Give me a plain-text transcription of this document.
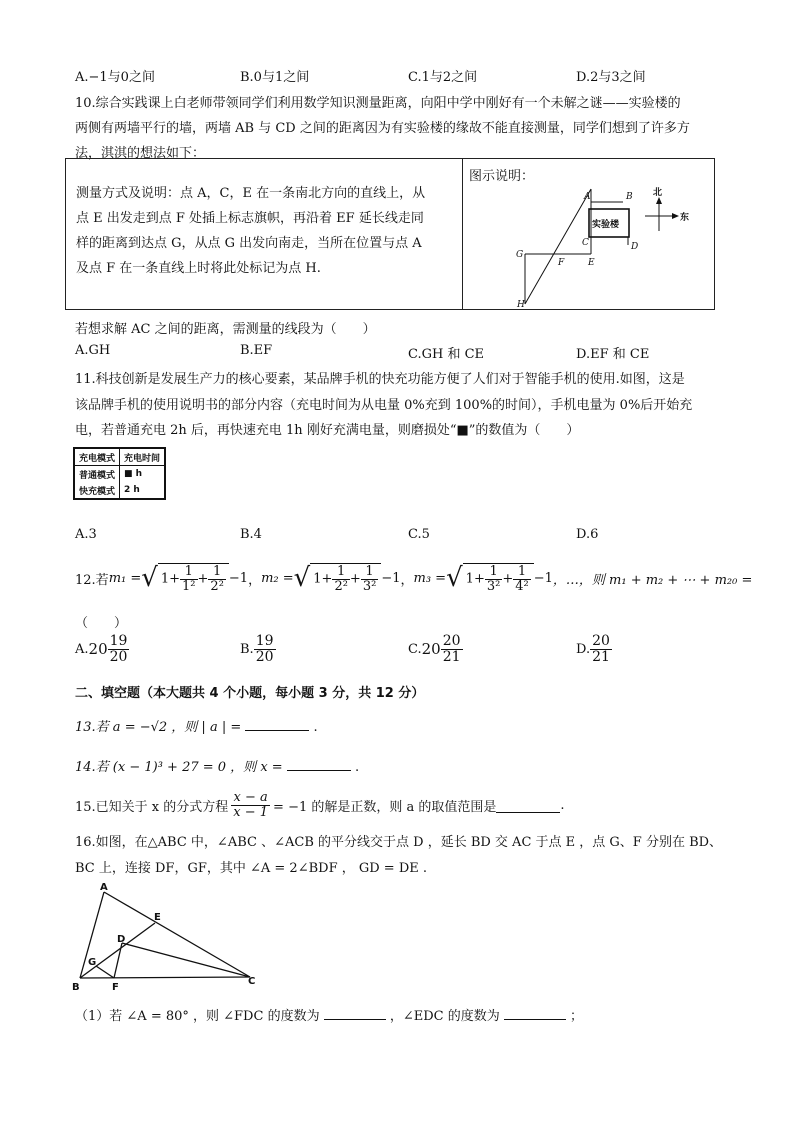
A.−1与0之间	B.0与1之间	C.1与2之间	D.2与3之间
10.综合实践课上白老师带领同学们利用数学知识测量距离，向阳中学中刚好有一个未解之谜——实验楼的
两侧有两墙平行的墙，两墙 AB 与 CD 之间的距离因为有实验楼的缘故不能直接测量，同学们想到了许多方
法，淇淇的想法如下：
测量方式及说明：点 A，C，E 在一条南北方向的直线上，从
点 E 出发走到点 F 处插上标志旗帜，再沿着 EF 延长线走同
样的距离到达点 G，从点 G 出发向南走，当所在位置与点 A
及点 F 在一条直线上时将此处标记为点 H.

图示说明：
实验楼
北
东
A	B
C	D
E
F
G
H
若想求解 AC 之间的距离，需测量的线段为（　　）
A.GH	B.EF	C.GH 和 CE	D.EF 和 CE
11.科技创新是发展生产力的核心要素，某品牌手机的快充功能方便了人们对于智能手机的使用.如图，这是
该品牌手机的使用说明书的部分内容（充电时间为从电量 0%充到 100%的时间），手机电量为 0%后开始充
电，若普通充电 2h 后，再快速充电 1h 刚好充满电量，则磨损处“■”的数值为（　　）
充电模式	充电时间
普通模式	■ h
快充模式	2 h
A.3	B.4	C.5	D.6
12.若 m₁ = √ $1+ \frac{1}{\text{1²}} + \frac{1}{\text{2²}} -1$ ， m₂ = √ $1+ \frac{1}{\text{2²}} + \frac{1}{\text{3²}} -1$ ， m₃ = √ $1+ \frac{1}{\text{3²}} + \frac{1}{\text{4²}} -1$ ，…，则 m₁ + m₂ + ⋯ + m₂₀ =
（　　）
A. $20 \frac{19}{20}$	B. $\frac{19}{20}$	C. $20 \frac{20}{21}$	D. $\frac{20}{21}$
二、填空题（本大题共 4 个小题，每小题 3 分，共 12 分）
13.若 a = −√2 ，则 | a | =	.
14.若 (x − 1)³ + 27 = 0 ，则 x =	.
15.已知关于 x 的分式方程 $\frac{x - a}{x - 1} = -1$ 的解是正数，则 a 的取值范围是	.
16.如图，在△ABC 中，∠ABC 、∠ACB 的平分线交于点 D ，延长 BD 交 AC 于点 E ，点 G、F 分别在 BD、
BC 上，连接 DF，GF，其中 ∠A = 2∠BDF ， GD = DE .
A
E
D
G
B	F
C
（1）若 ∠A = 80° ，则 ∠FDC 的度数为	，∠EDC 的度数为	；
